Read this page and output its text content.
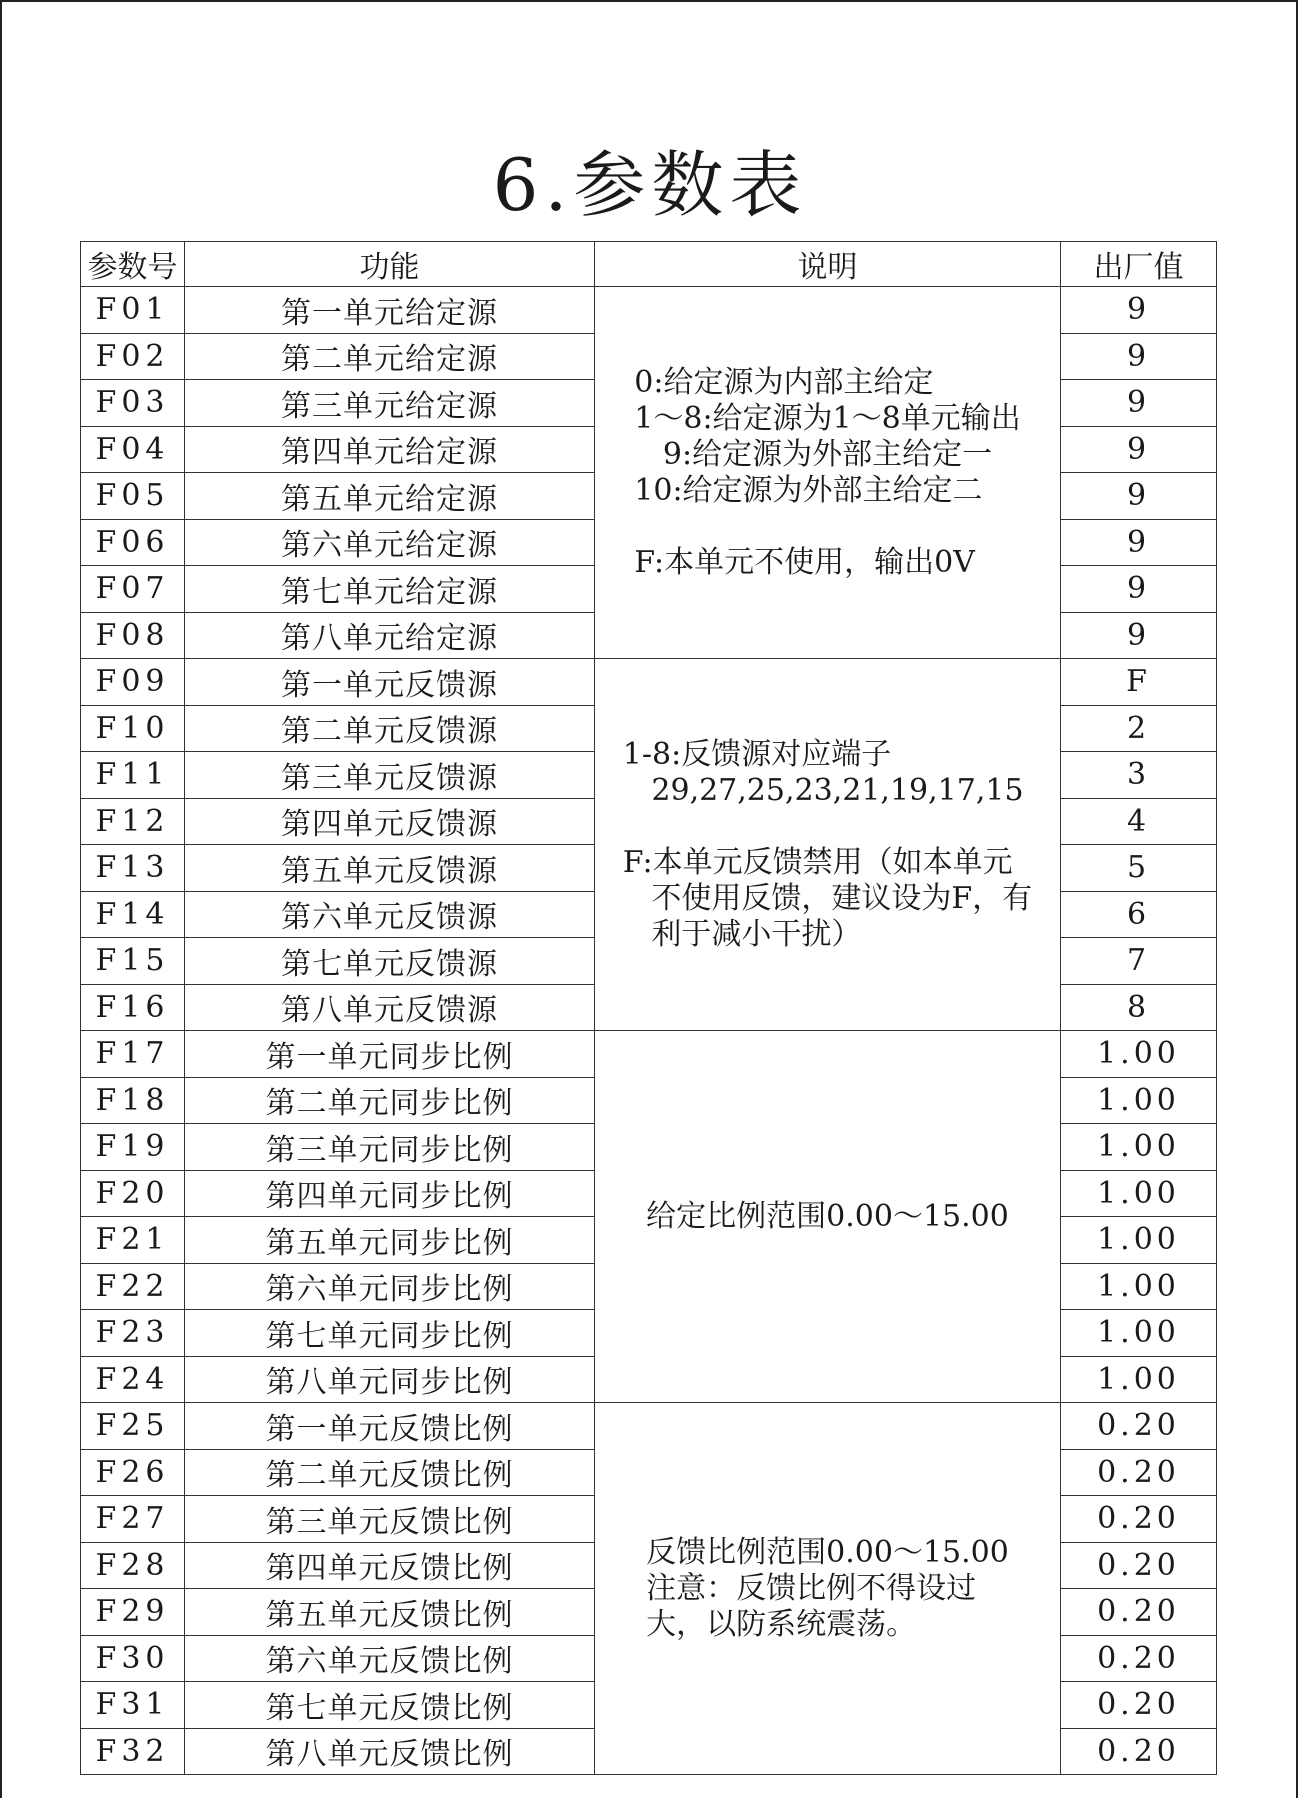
6.参数表
参数号	功能	说明	出厂值
F01	第一单元给定源	0:给定源为内部主给定
1～8:给定源为1～8单元输出
9:给定源为外部主给定一
10:给定源为外部主给定二

F:本单元不使用，输出0V	9
F02	第二单元给定源		9
F03	第三单元给定源		9
F04	第四单元给定源		9
F05	第五单元给定源		9
F06	第六单元给定源		9
F07	第七单元给定源		9
F08	第八单元给定源		9
F09	第一单元反馈源	1-8:反馈源对应端子
29,27,25,23,21,19,17,15

F:本单元反馈禁用（如本单元
不使用反馈，建议设为F，有
利于减小干扰）	F
F10	第二单元反馈源		2
F11	第三单元反馈源		3
F12	第四单元反馈源		4
F13	第五单元反馈源		5
F14	第六单元反馈源		6
F15	第七单元反馈源		7
F16	第八单元反馈源		8
F17	第一单元同步比例	给定比例范围0.00～15.00	1.00
F18	第二单元同步比例		1.00
F19	第三单元同步比例		1.00
F20	第四单元同步比例		1.00
F21	第五单元同步比例		1.00
F22	第六单元同步比例		1.00
F23	第七单元同步比例		1.00
F24	第八单元同步比例		1.00
F25	第一单元反馈比例	反馈比例范围0.00～15.00
注意：反馈比例不得设过
大，以防系统震荡。	0.20
F26	第二单元反馈比例		0.20
F27	第三单元反馈比例		0.20
F28	第四单元反馈比例		0.20
F29	第五单元反馈比例		0.20
F30	第六单元反馈比例		0.20
F31	第七单元反馈比例		0.20
F32	第八单元反馈比例		0.20
